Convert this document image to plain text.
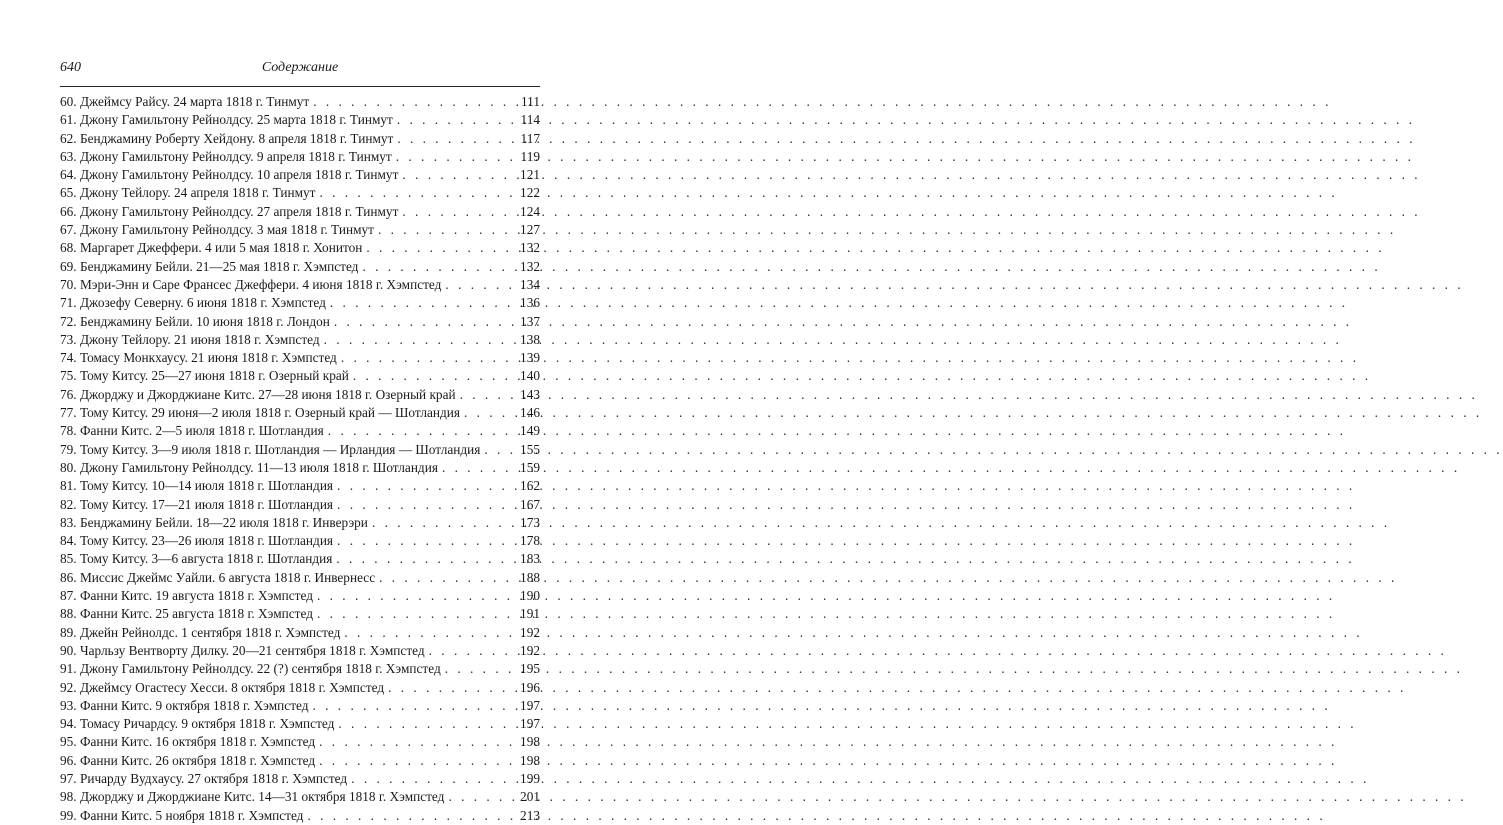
640	Содержание
60. Джеймсу Райсу. 24 марта 1818 г. Тинмут . . .	111
61. Джону Гамильтону Рейнолдсу. 25 марта 1818 г. Тинмут . . .	114
62. Бенджамину Роберту Хейдону. 8 апреля 1818 г. Тинмут . . .	117
63. Джону Гамильтону Рейнолдсу. 9 апреля 1818 г. Тинмут . . .	119
64. Джону Гамильтону Рейнолдсу. 10 апреля 1818 г. Тинмут . . .	121
65. Джону Тейлору. 24 апреля 1818 г. Тинмут . . .	122
66. Джону Гамильтону Рейнолдсу. 27 апреля 1818 г. Тинмут . . .	124
67. Джону Гамильтону Рейнолдсу. 3 мая 1818 г. Тинмут . . .	127
68. Маргарет Джеффери. 4 или 5 мая 1818 г. Хонитон . . .	132
69. Бенджамину Бейли. 21—25 мая 1818 г. Хэмпстед . . .	132
70. Мэри-Энн и Саре Франсес Джеффери. 4 июня 1818 г. Хэмпстед . . .	134
71. Джозефу Северну. 6 июня 1818 г. Хэмпстед . . .	136
72. Бенджамину Бейли. 10 июня 1818 г. Лондон . . .	137
73. Джону Тейлору. 21 июня 1818 г. Хэмпстед . . .	138
74. Томасу Монкхаусу. 21 июня 1818 г. Хэмпстед . . .	139
75. Тому Китсу. 25—27 июня 1818 г. Озерный край . . .	140
76. Джорджу и Джорджиане Китс. 27—28 июня 1818 г. Озерный край . . .	143
77. Тому Китсу. 29 июня—2 июля 1818 г. Озерный край — Шотландия . . .	146
78. Фанни Китс. 2—5 июля 1818 г. Шотландия . . .	149
79. Тому Китсу. 3—9 июля 1818 г. Шотландия — Ирландия — Шотландия . . .	155
80. Джону Гамильтону Рейнолдсу. 11—13 июля 1818 г. Шотландия . . .	159
81. Тому Китсу. 10—14 июля 1818 г. Шотландия . . .	162
82. Тому Китсу. 17—21 июля 1818 г. Шотландия . . .	167
83. Бенджамину Бейли. 18—22 июля 1818 г. Инверэри . . .	173
84. Тому Китсу. 23—26 июля 1818 г. Шотландия . . .	178
85. Тому Китсу. 3—6 августа 1818 г. Шотландия . . .	183
86. Миссис Джеймс Уайли. 6 августа 1818 г. Инвернесс . . .	188
87. Фанни Китс. 19 августа 1818 г. Хэмпстед . . .	190
88. Фанни Китс. 25 августа 1818 г. Хэмпстед . . .	191
89. Джейн Рейнолдс. 1 сентября 1818 г. Хэмпстед . . .	192
90. Чарльзу Вентворту Дилку. 20—21 сентября 1818 г. Хэмпстед . . .	192
91. Джону Гамильтону Рейнолдсу. 22 (?) сентября 1818 г. Хэмпстед . . .	195
92. Джеймсу Огастесу Хесси. 8 октября 1818 г. Хэмпстед . . .	196
93. Фанни Китс. 9 октября 1818 г. Хэмпстед . . .	197
94. Томасу Ричардсу. 9 октября 1818 г. Хэмпстед . . .	197
95. Фанни Китс. 16 октября 1818 г. Хэмпстед . . .	198
96. Фанни Китс. 26 октября 1818 г. Хэмпстед . . .	198
97. Ричарду Вудхаусу. 27 октября 1818 г. Хэмпстед . . .	199
98. Джорджу и Джорджиане Китс. 14—31 октября 1818 г. Хэмпстед . . .	201
99. Фанни Китс. 5 ноября 1818 г. Хэмпстед . . .	213
